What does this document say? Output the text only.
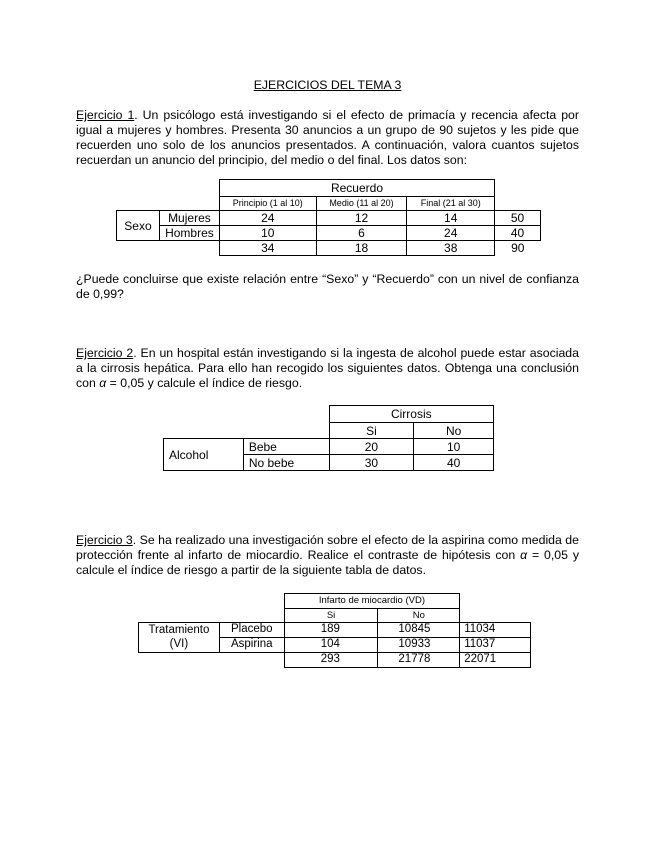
EJERCICIOS DEL TEMA 3
Ejercicio 1. Un psicólogo está investigando si el efecto de primacía y recencia afecta por igual a mujeres y hombres. Presenta 30 anuncios a un grupo de 90 sujetos y les pide que recuerden uno solo de los anuncios presentados. A continuación, valora cuantos sujetos recuerdan un anuncio del principio, del medio o del final. Los datos son:
		Recuerdo			
		Principio (1 al 10)	Medio (11 al 20)	Final (21 al 30)	
Sexo	Mujeres	24	12	14	50
	Hombres	10	6	24	40
		34	18	38	90
¿Puede concluirse que existe relación entre “Sexo” y “Recuerdo” con un nivel de confianza de 0,99?
Ejercicio 2. En un hospital están investigando si la ingesta de alcohol puede estar asociada a la cirrosis hepática. Para ello han recogido los siguientes datos. Obtenga una conclusión con α = 0,05 y calcule el índice de riesgo.
		Cirrosis	
		Si	No
Alcohol	Bebe	20	10
	No bebe	30	40
Ejercicio 3. Se ha realizado una investigación sobre el efecto de la aspirina como medida de protección frente al infarto de miocardio. Realice el contraste de hipótesis con α = 0,05 y calcule el índice de riesgo a partir de la siguiente tabla de datos.
		Infarto de miocardio (VD)		
		Si	No	
Tratamiento	Placebo	189	10845	11034
(VI)	Aspirina	104	10933	11037
		293	21778	22071
